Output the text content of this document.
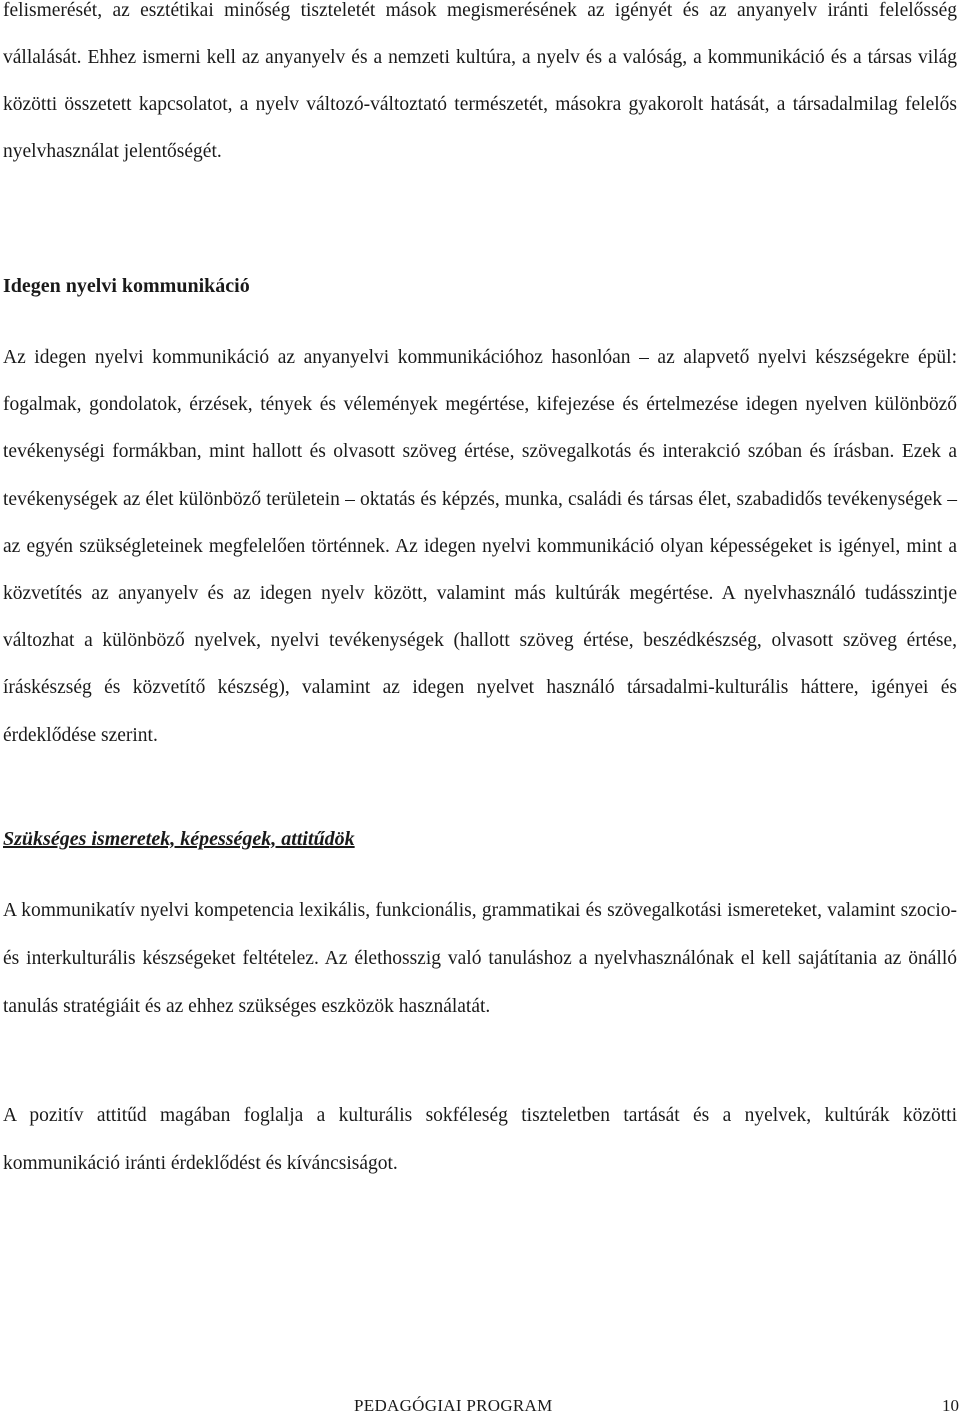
felismerését, az esztétikai minőség tiszteletét mások megismerésének az igényét és az anyanyelv iránti felelősség vállalását. Ehhez ismerni kell az anyanyelv és a nemzeti kultúra, a nyelv és a valóság, a kommunikáció és a társas világ közötti összetett kapcsolatot, a nyelv változó-változtató természetét, másokra gyakorolt hatását, a társadalmilag felelős nyelvhasználat jelentőségét.

Idegen nyelvi kommunikáció

Az idegen nyelvi kommunikáció az anyanyelvi kommunikációhoz hasonlóan – az alapvető nyelvi készségekre épül: fogalmak, gondolatok, érzések, tények és vélemények megértése, kifejezése és értelmezése idegen nyelven különböző tevékenységi formákban, mint hallott és olvasott szöveg értése, szövegalkotás és interakció szóban és írásban. Ezek a tevékenységek az élet különböző területein – oktatás és képzés, munka, családi és társas élet, szabadidős tevékenységek – az egyén szükségleteinek megfelelően történnek. Az idegen nyelvi kommunikáció olyan képességeket is igényel, mint a közvetítés az anyanyelv és az idegen nyelv között, valamint más kultúrák megértése. A nyelvhasználó tudásszintje változhat a különböző nyelvek, nyelvi tevékenységek (hallott szöveg értése, beszédkészség, olvasott szöveg értése, íráskészség és közvetítő készség), valamint az idegen nyelvet használó társadalmi-kulturális háttere, igényei és érdeklődése szerint.

Szükséges ismeretek, képességek, attitűdök

A kommunikatív nyelvi kompetencia lexikális, funkcionális, grammatikai és szövegalkotási ismereteket, valamint szocio- és interkulturális készségeket feltételez. Az élethosszig való tanuláshoz a nyelvhasználónak el kell sajátítania az önálló tanulás stratégiáit és az ehhez szükséges eszközök használatát.

A pozitív attitűd magában foglalja a kulturális sokféleség tiszteletben tartását és a nyelvek, kultúrák közötti kommunikáció iránti érdeklődést és kíváncsiságot.

PEDAGÓGIAI PROGRAM	10
